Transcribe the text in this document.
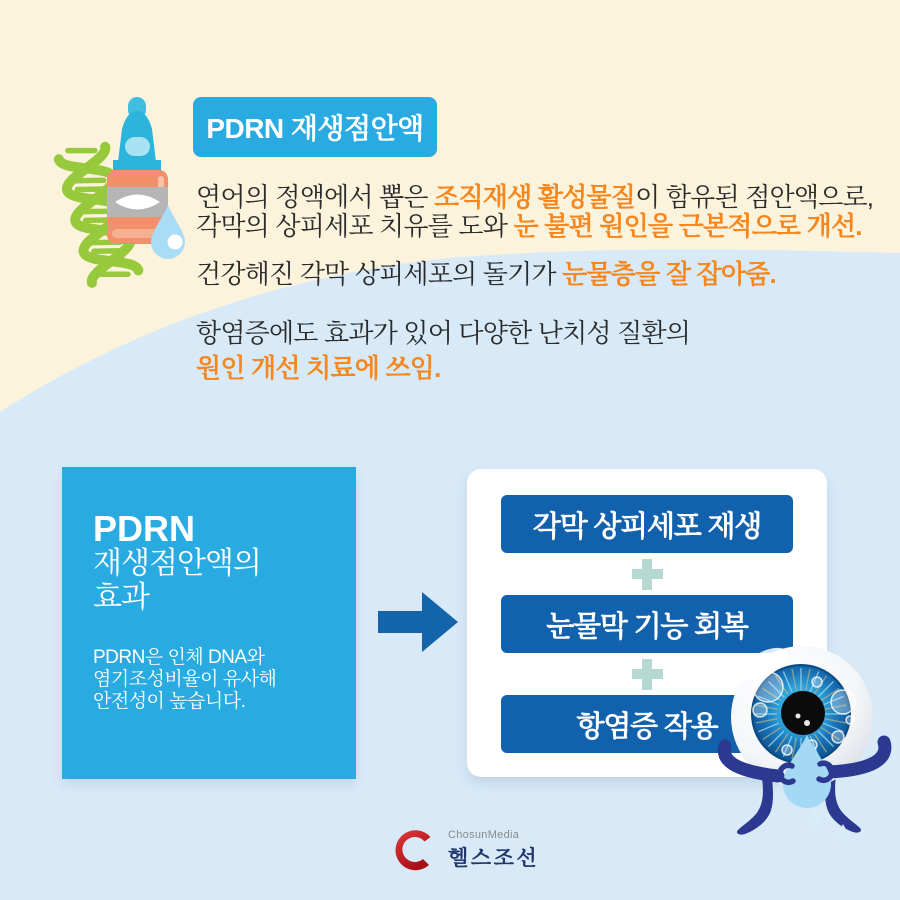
PDRN 재생점안액
연어의 정액에서 뽑은 조직재생 활성물질이 함유된 점안액으로,
각막의 상피세포 치유를 도와 눈 불편 원인을 근본적으로 개선.
건강해진 각막 상피세포의 돌기가 눈물층을 잘 잡아줌.
항염증에도 효과가 있어 다양한 난치성 질환의
원인 개선 치료에 쓰임.
PDRN
재생점안액의
효과
PDRN은 인체 DNA와
염기조성비율이 유사해
안전성이 높습니다.
각막 상피세포 재생
눈물막 기능 회복
항염증 작용
ChosunMedia
헬스조선
